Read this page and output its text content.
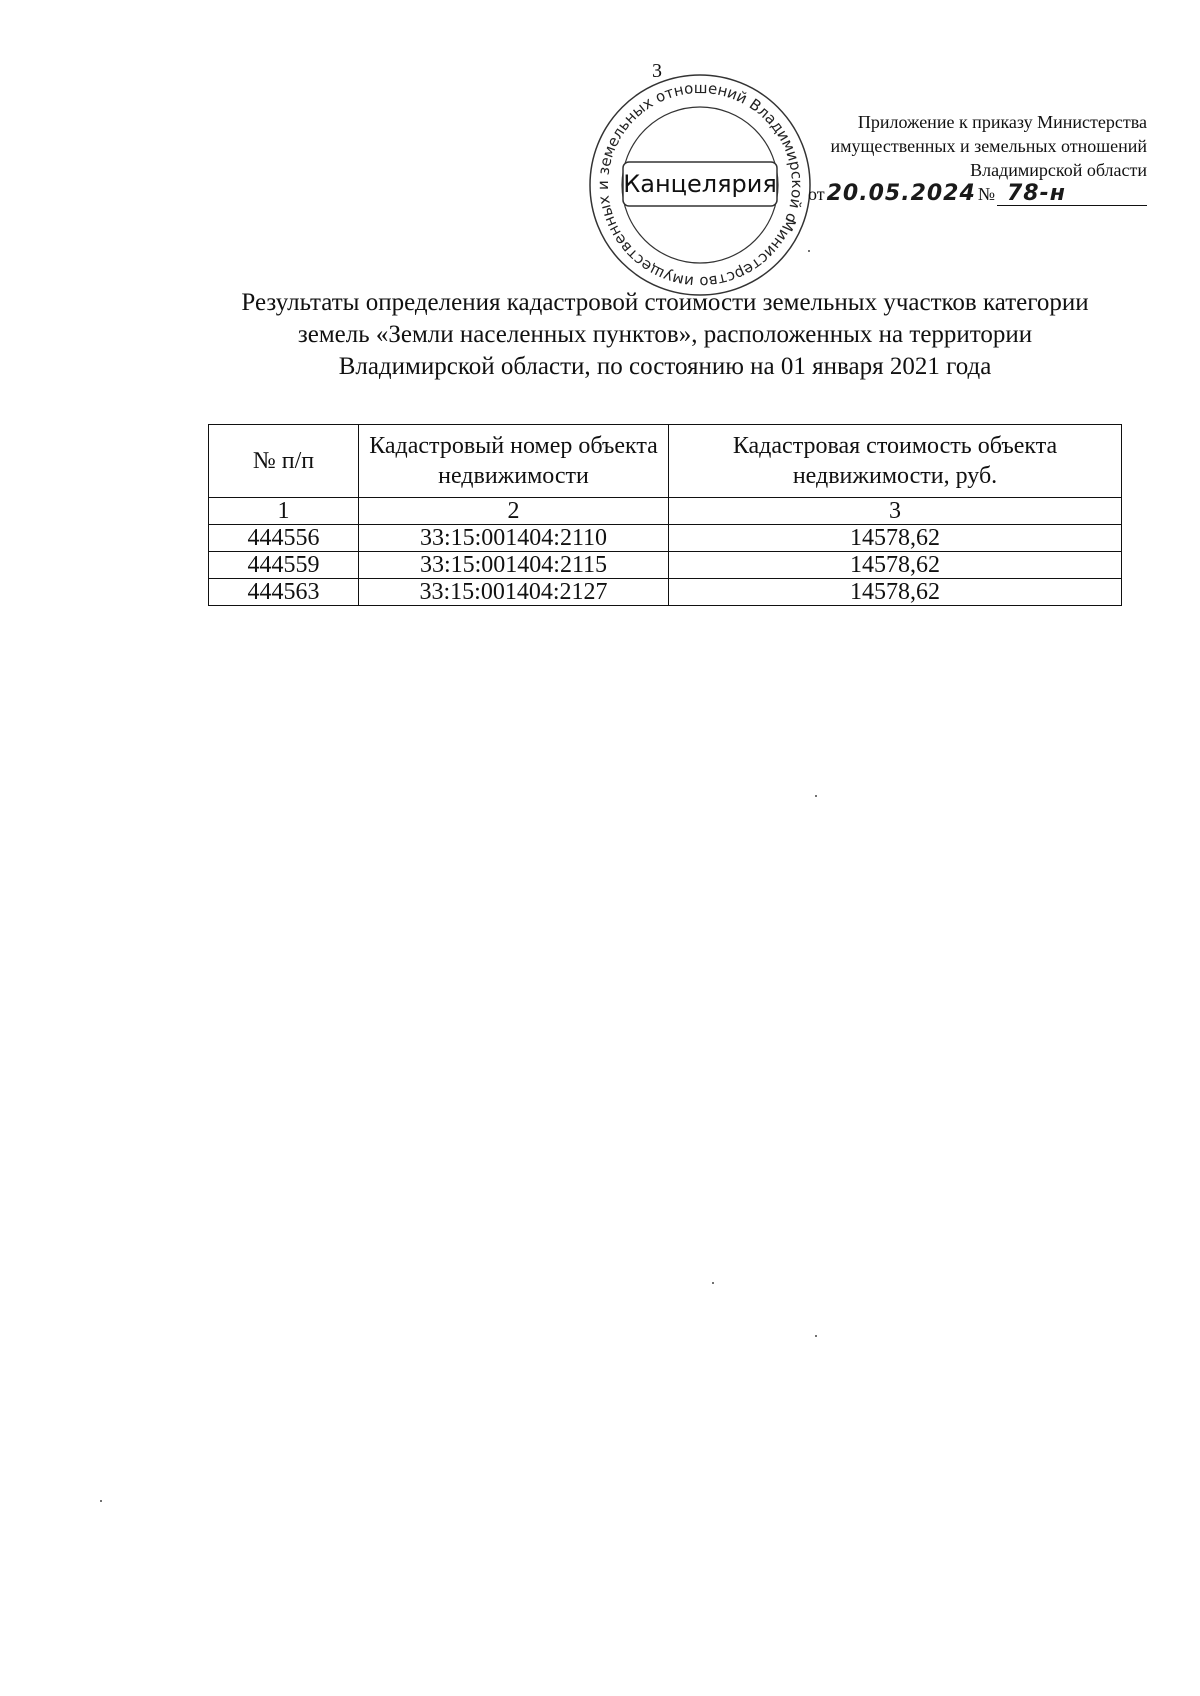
3
Министерство имущественных и земельных отношений Владимирской области
Канцелярия
Приложение к приказу Министерства
имущественных и земельных отношений
Владимирской области
от 20.05.2024 № 78-н
Результаты определения кадастровой стоимости земельных участков категории
земель «Земли населенных пунктов», расположенных на территории
Владимирской области, по состоянию на 01 января 2021 года
№ п/п	Кадастровый номер объекта недвижимости	Кадастровая стоимость объекта недвижимости, руб.
1	2	3
444556	33:15:001404:2110	14578,62
444559	33:15:001404:2115	14578,62
444563	33:15:001404:2127	14578,62
